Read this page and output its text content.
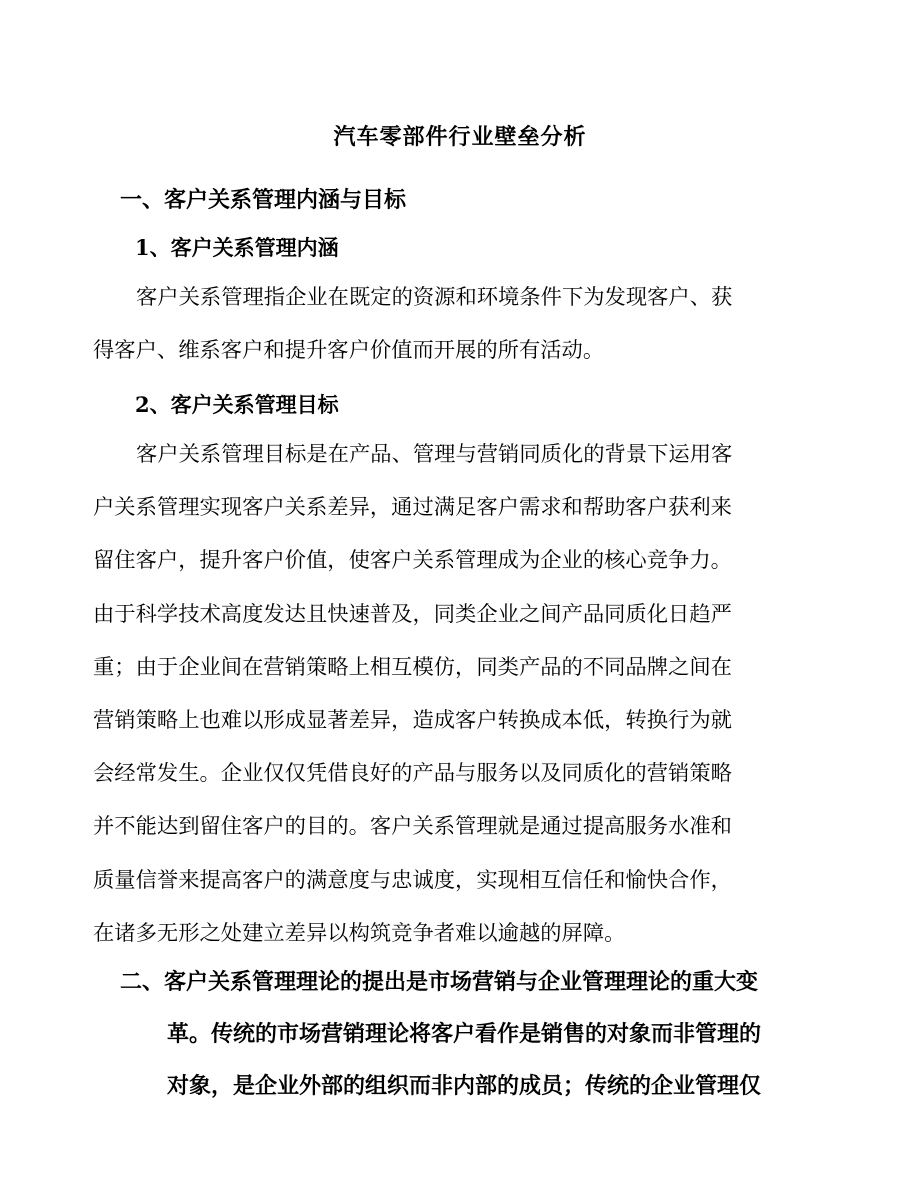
汽车零部件行业壁垒分析
一、客户关系管理内涵与目标
1、客户关系管理内涵
客户关系管理指企业在既定的资源和环境条件下为发现客户、获
得客户、维系客户和提升客户价值而开展的所有活动。
2、客户关系管理目标
客户关系管理目标是在产品、管理与营销同质化的背景下运用客
户关系管理实现客户关系差异，通过满足客户需求和帮助客户获利来
留住客户，提升客户价值，使客户关系管理成为企业的核心竞争力。
由于科学技术高度发达且快速普及，同类企业之间产品同质化日趋严
重；由于企业间在营销策略上相互模仿，同类产品的不同品牌之间在
营销策略上也难以形成显著差异，造成客户转换成本低，转换行为就
会经常发生。企业仅仅凭借良好的产品与服务以及同质化的营销策略
并不能达到留住客户的目的。客户关系管理就是通过提高服务水准和
质量信誉来提高客户的满意度与忠诚度，实现相互信任和愉快合作，
在诸多无形之处建立差异以构筑竞争者难以逾越的屏障。
二、客户关系管理理论的提出是市场营销与企业管理理论的重大变
革。传统的市场营销理论将客户看作是销售的对象而非管理的
对象，是企业外部的组织而非内部的成员；传统的企业管理仅
